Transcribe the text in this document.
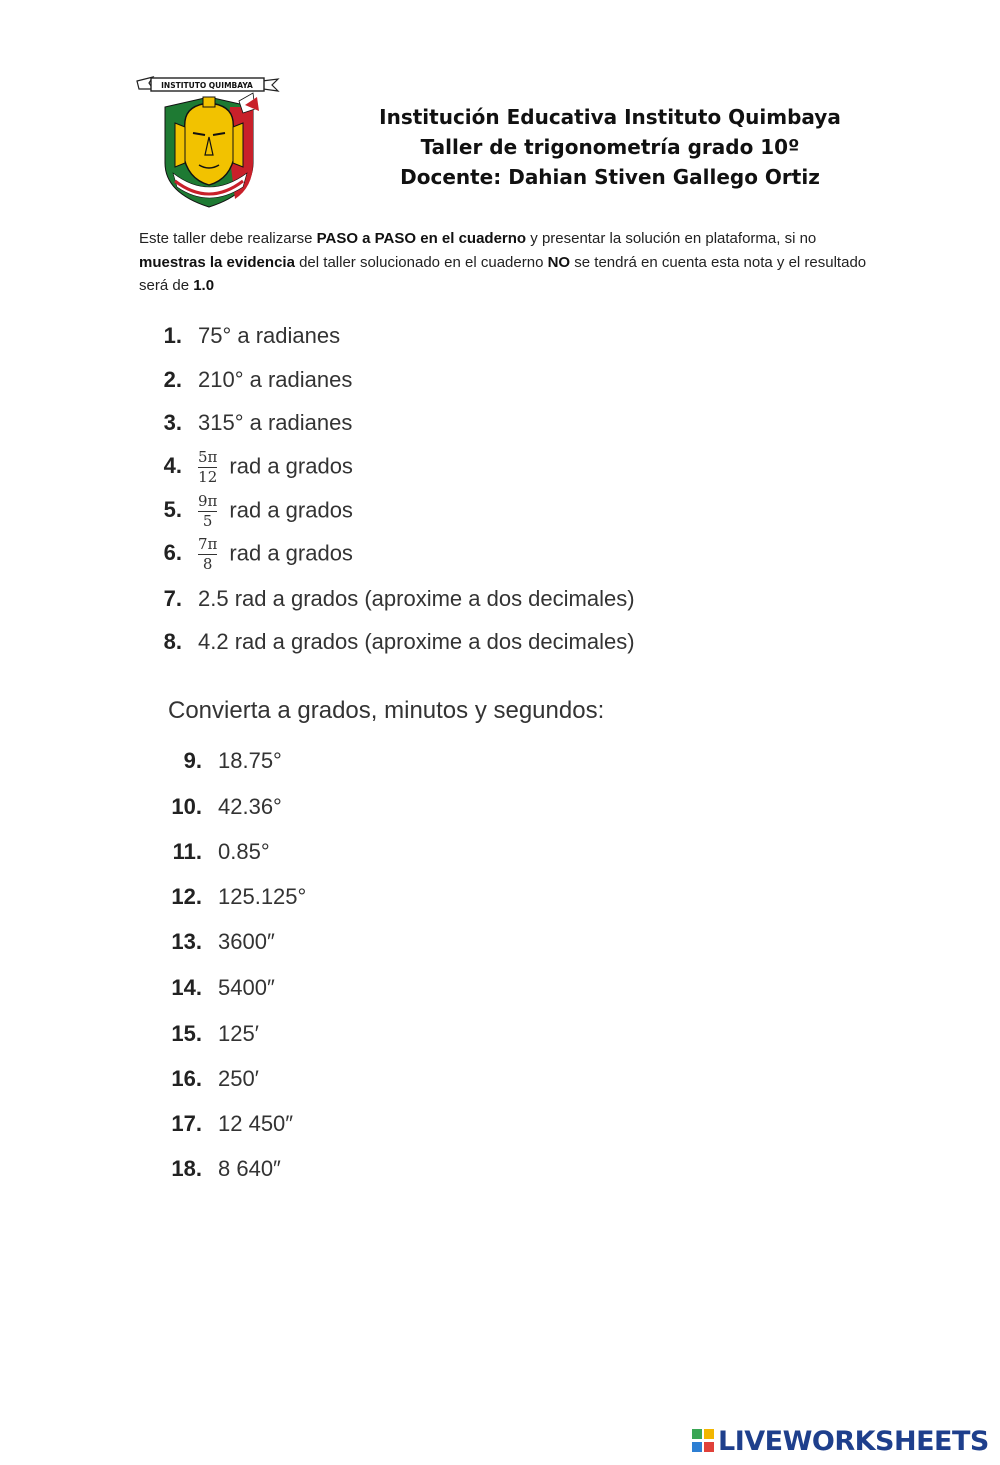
INSTITUTO QUIMBAYA
Institución Educativa Instituto Quimbaya
Taller de trigonometría grado 10º
Docente: Dahian Stiven Gallego Ortiz
Este taller debe realizarse PASO a PASO en el cuaderno y presentar la solución en plataforma, si no muestras la evidencia del taller solucionado en el cuaderno NO se tendrá en cuenta esta nota y el resultado será de 1.0
1. 75° a radianes
2. 210° a radianes
3. 315° a radianes
4. $\frac{5\pi}{12}$ rad a grados
5. $\frac{9\pi}{5}$ rad a grados
6. $\frac{7\pi}{8}$ rad a grados
7. 2.5 rad a grados (aproxime a dos decimales)
8. 4.2 rad a grados (aproxime a dos decimales)
Convierta a grados, minutos y segundos:
9. 18.75°
10. 42.36°
11. 0.85°
12. 125.125°
13. 3600″
14. 5400″
15. 125′
16. 250′
17. 12 450″
18. 8 640″
LIVEWORKSHEETS
